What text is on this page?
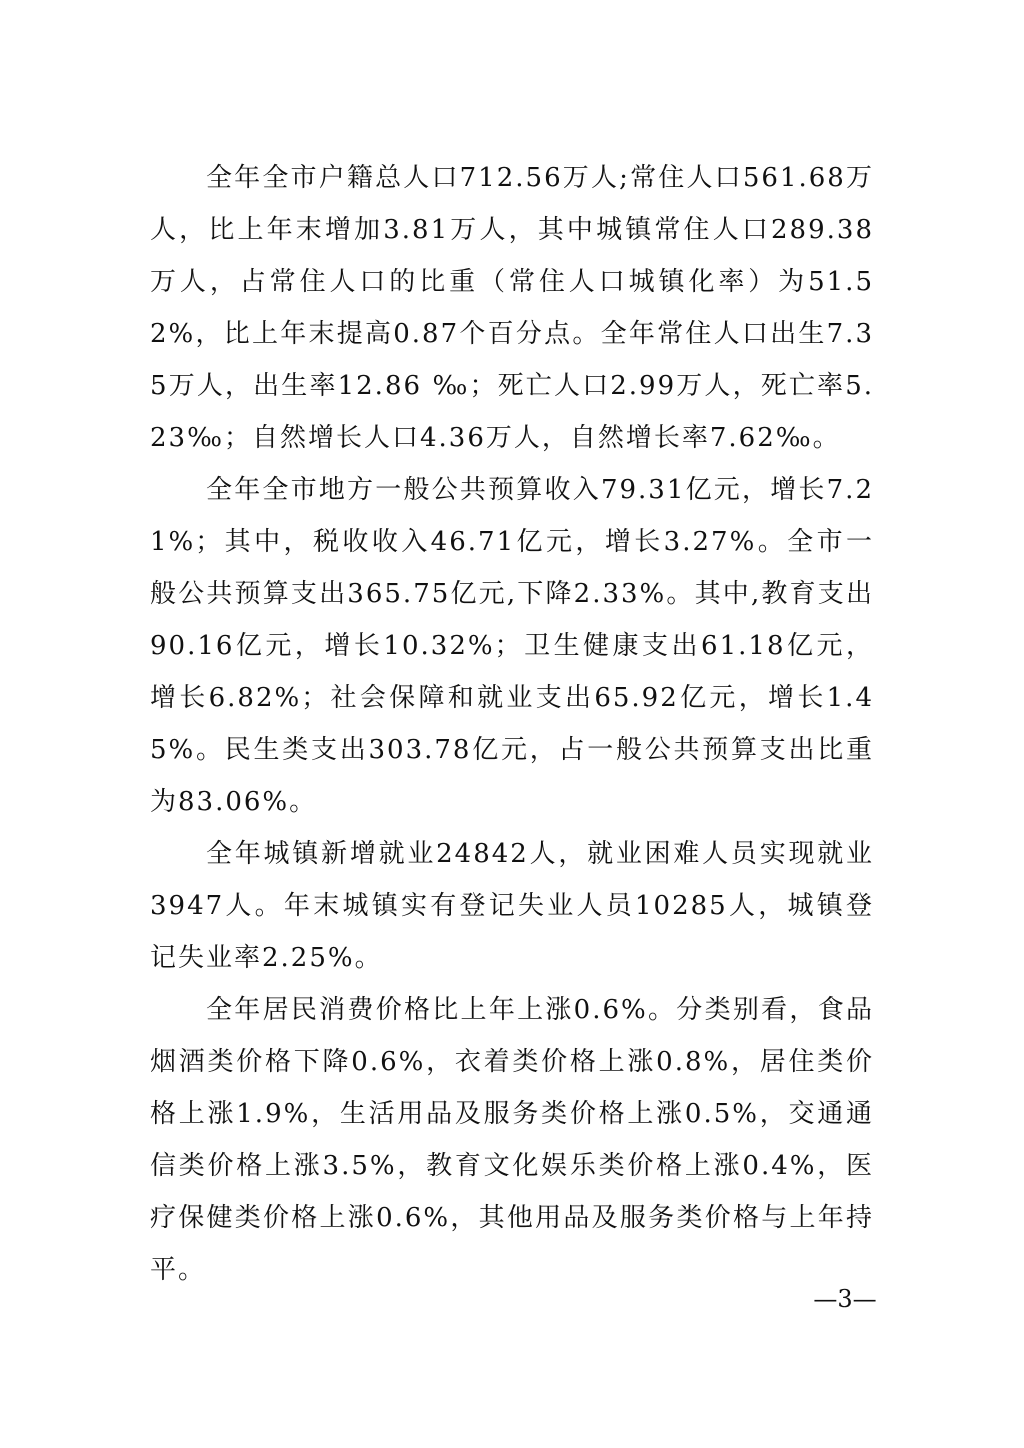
全年全市户籍总人口712.56万人;常住人口561.68万人，比上年末增加3.81万人，其中城镇常住人口289.38万人，占常住人口的比重（常住人口城镇化率）为51.52%，比上年末提高0.87个百分点。全年常住人口出生7.35万人，出生率12.86 ‰；死亡人口2.99万人，死亡率5.23‰；自然增长人口4.36万人，自然增长率7.62‰。

全年全市地方一般公共预算收入79.31亿元，增长7.21%；其中，税收收入46.71亿元，增长3.27%。全市一般公共预算支出365.75亿元,下降2.33%。其中,教育支出90.16亿元，增长10.32%；卫生健康支出61.18亿元，增长6.82%；社会保障和就业支出65.92亿元，增长1.45%。民生类支出303.78亿元，占一般公共预算支出比重为83.06%。

全年城镇新增就业24842人，就业困难人员实现就业3947人。年末城镇实有登记失业人员10285人，城镇登记失业率2.25%。

全年居民消费价格比上年上涨0.6%。分类别看，食品烟酒类价格下降0.6%，衣着类价格上涨0.8%，居住类价格上涨1.9%，生活用品及服务类价格上涨0.5%，交通通信类价格上涨3.5%，教育文化娱乐类价格上涨0.4%，医疗保健类价格上涨0.6%，其他用品及服务类价格与上年持平。

—3—
